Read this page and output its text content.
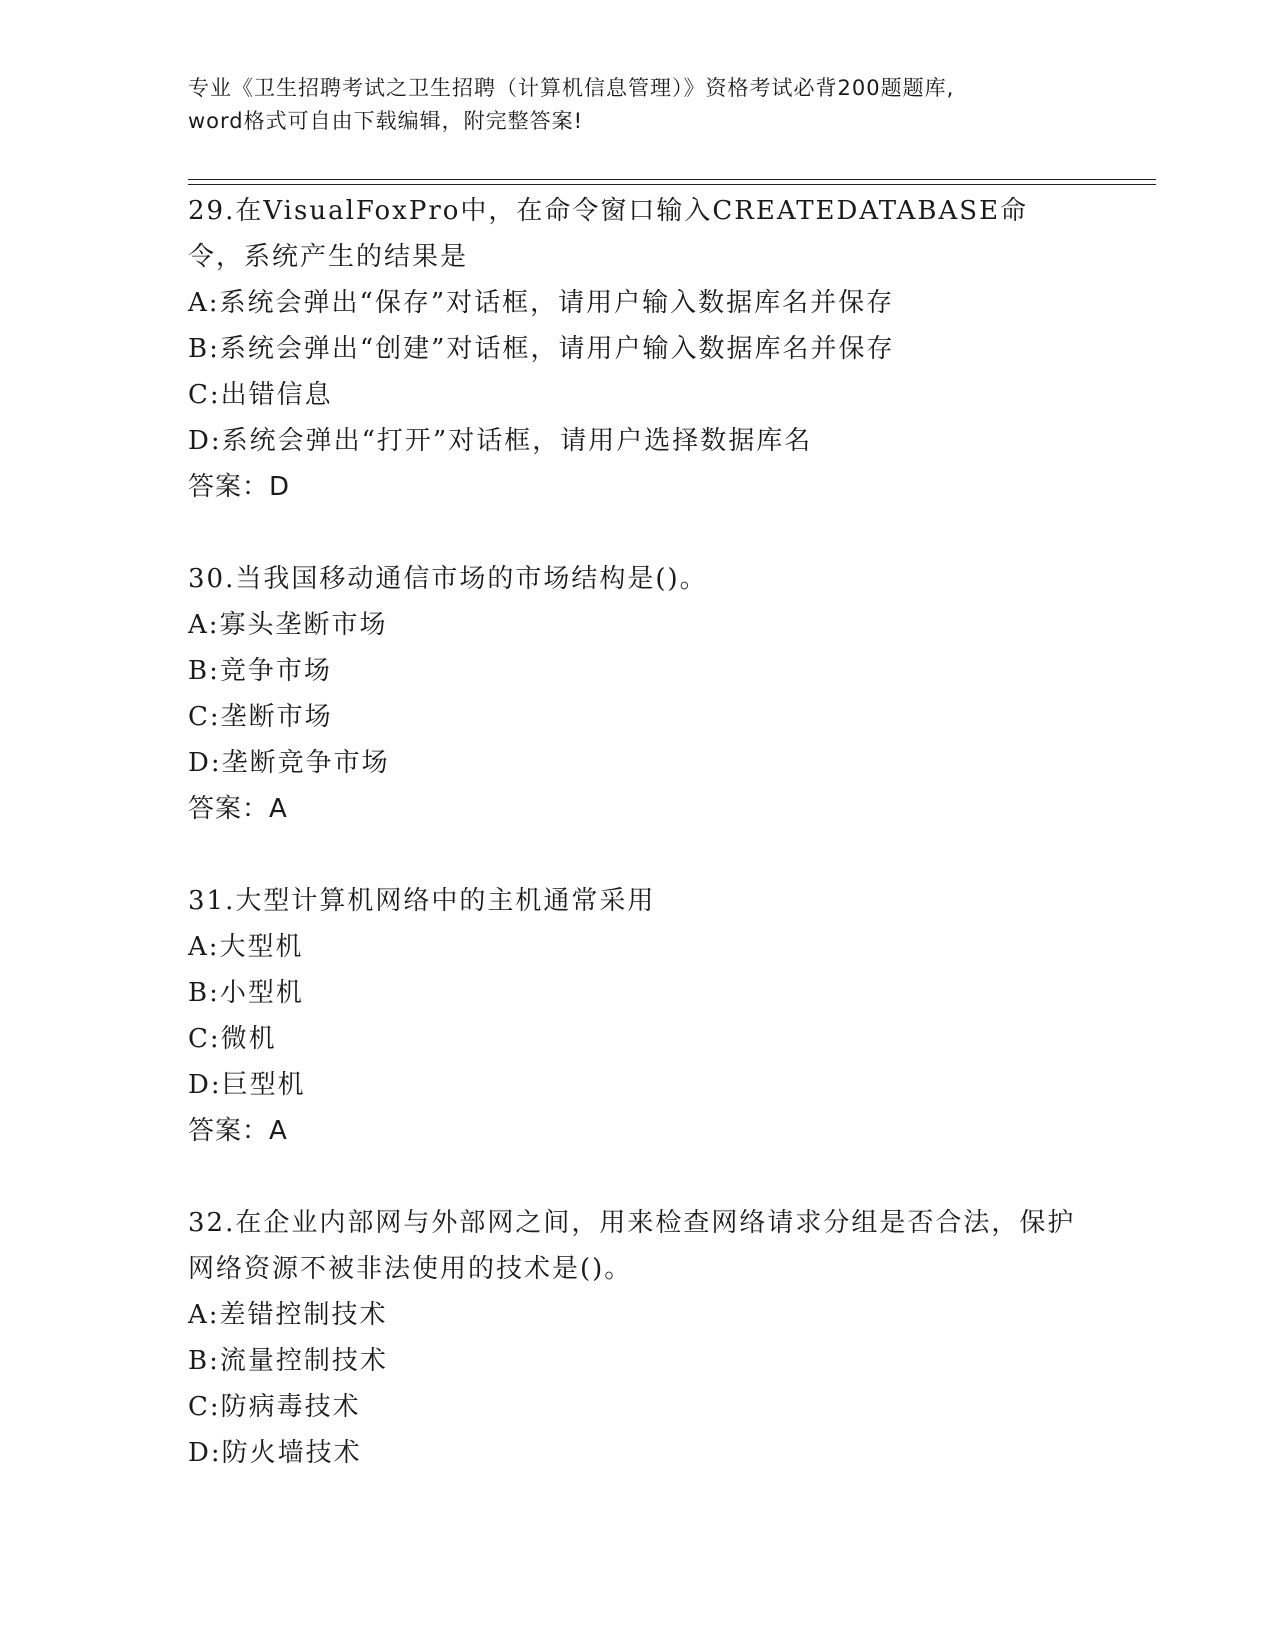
专业《卫生招聘考试之卫生招聘（计算机信息管理）》资格考试必背200题题库,
word格式可自由下载编辑，附完整答案!
29.在VisualFoxPro中，在命令窗口输入CREATEDATABASE命令，系统产生的结果是
A:系统会弹出“保存”对话框，请用户输入数据库名并保存
B:系统会弹出“创建”对话框，请用户输入数据库名并保存
C:出错信息
D:系统会弹出“打开”对话框，请用户选择数据库名
答案：D
30.当我国移动通信市场的市场结构是()。
A:寡头垄断市场
B:竞争市场
C:垄断市场
D:垄断竞争市场
答案：A
31.大型计算机网络中的主机通常采用
A:大型机
B:小型机
C:微机
D:巨型机
答案：A
32.在企业内部网与外部网之间，用来检查网络请求分组是否合法，保护网络资源不被非法使用的技术是()。
A:差错控制技术
B:流量控制技术
C:防病毒技术
D:防火墙技术
